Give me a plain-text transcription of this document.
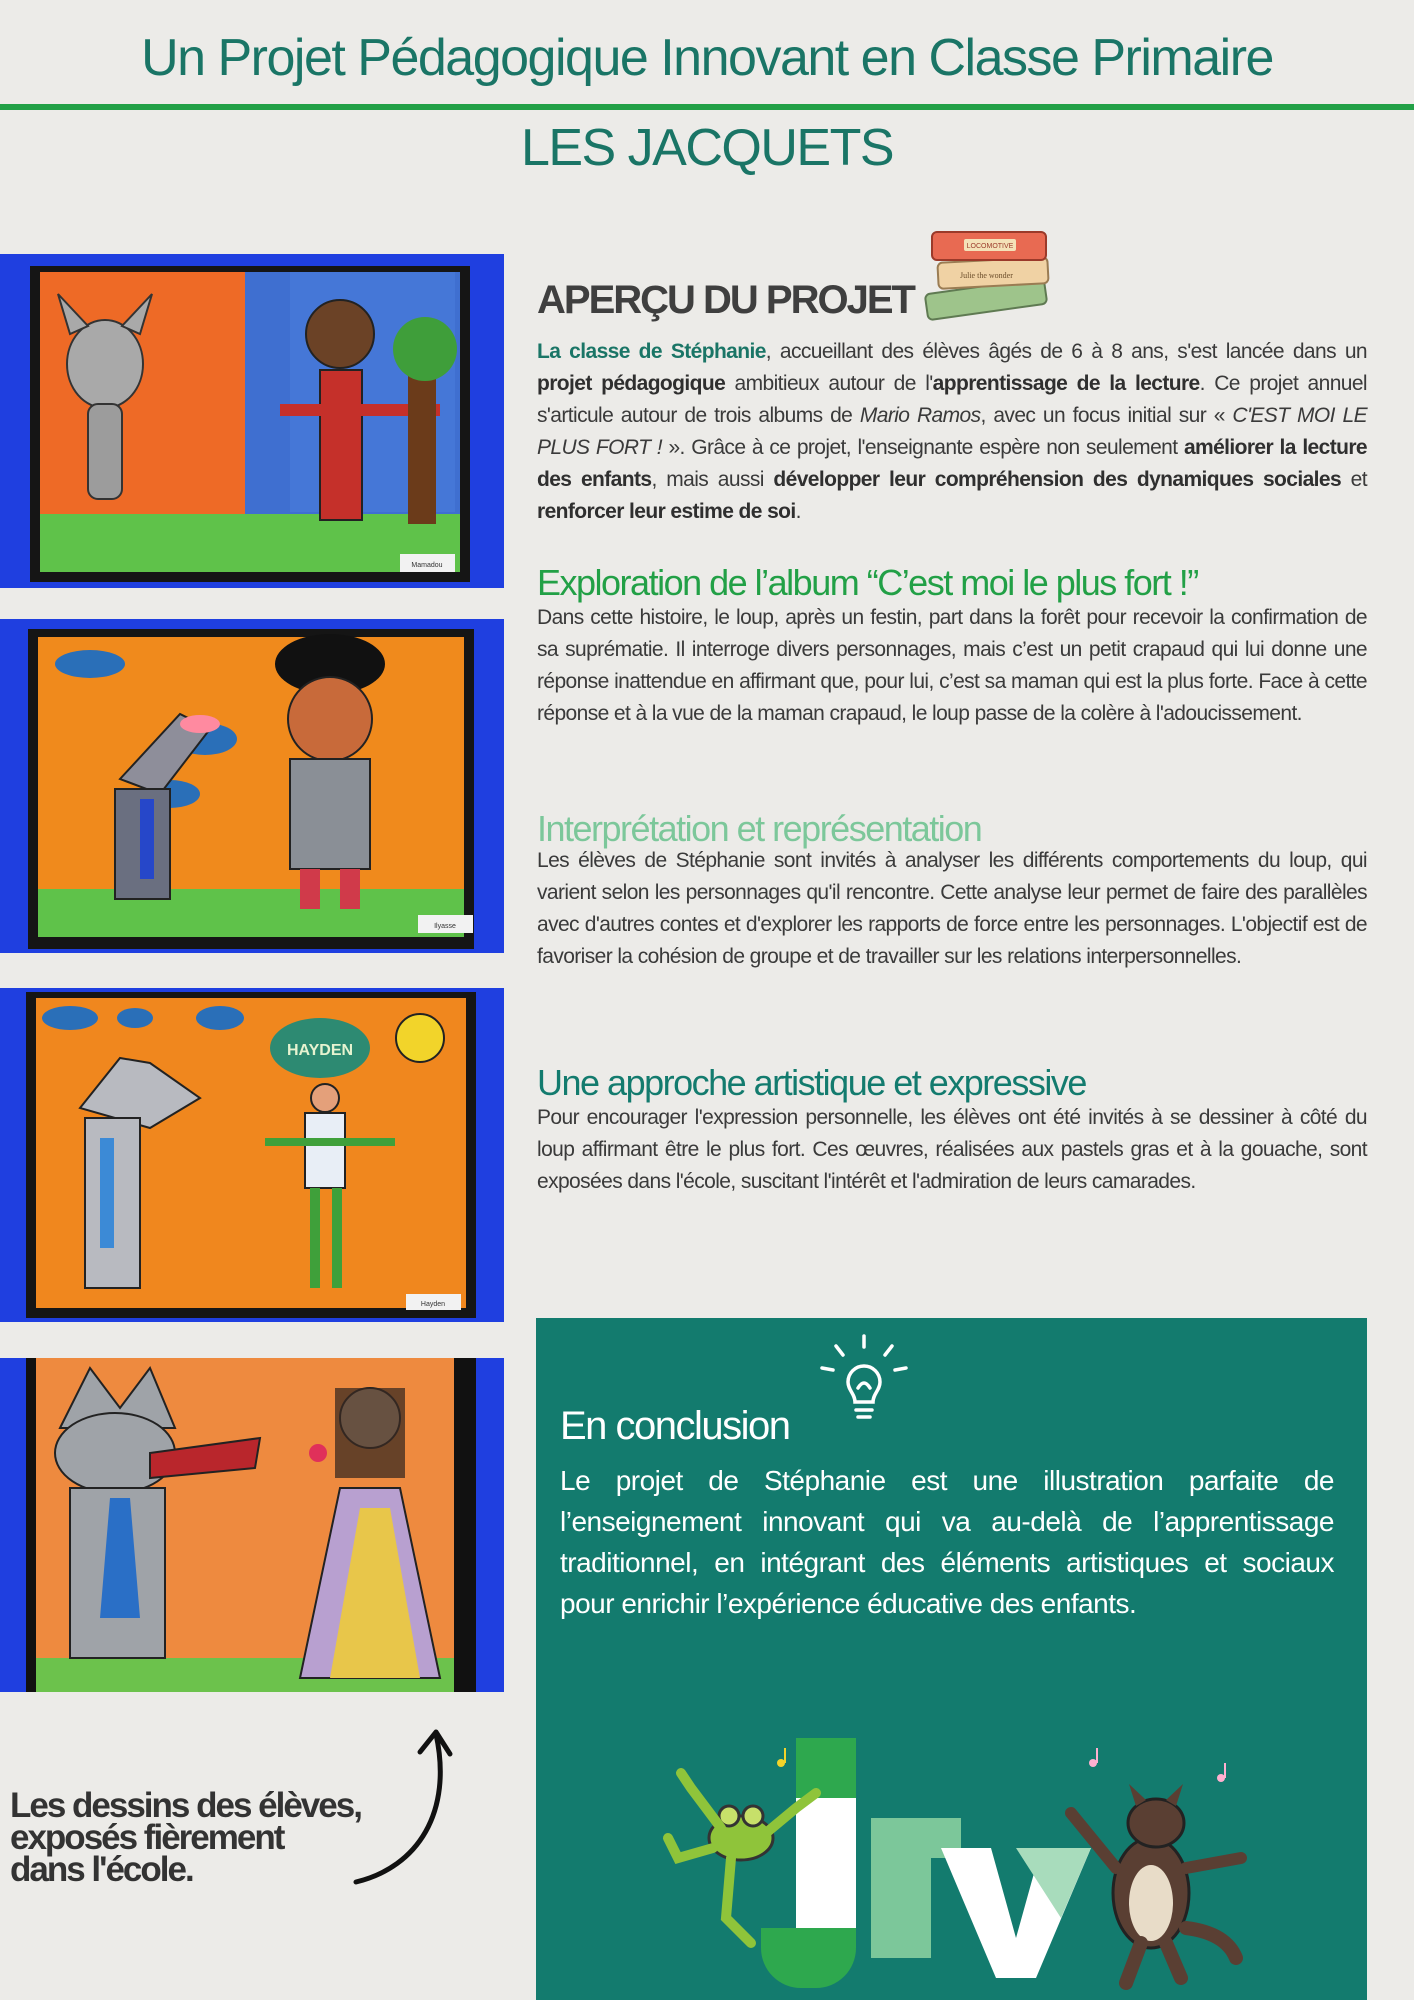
Un Projet Pédagogique Innovant en Classe Primaire
LES JACQUETS
Mamadou
Ilyasse
HAYDEN
Hayden
APERÇU DU PROJET
Julie the wonder
LOCOMOTIVE

La classe de Stéphanie, accueillant des élèves âgés de 6 à 8 ans, s'est lancée dans un projet pédagogique ambitieux autour de l'apprentissage de la lecture. Ce projet annuel s'articule autour de trois albums de Mario Ramos, avec un focus initial sur « C'EST MOI LE PLUS FORT ! ». Grâce à ce projet, l'enseignante espère non seulement améliorer la lecture des enfants, mais aussi développer leur compréhension des dynamiques sociales et renforcer leur estime de soi.

Exploration de l’album “C’est moi le plus fort !”

Dans cette histoire, le loup, après un festin, part dans la forêt pour recevoir la confirmation de sa suprématie. Il interroge divers personnages, mais c’est un petit crapaud qui lui donne une réponse inattendue en affirmant que, pour lui, c’est sa maman qui est la plus forte. Face à cette réponse et à la vue de la maman crapaud, le loup passe de la colère à l'adoucissement.

Interprétation et représentation

Les élèves de Stéphanie sont invités à analyser les différents comportements du loup, qui varient selon les personnages qu'il rencontre. Cette analyse leur permet de faire des parallèles avec d'autres contes et d'explorer les rapports de force entre les personnages. L'objectif est de favoriser la cohésion de groupe et de travailler sur les relations interpersonnelles.

Une approche artistique et expressive

Pour encourager l'expression personnelle, les élèves ont été invités à se dessiner à côté du loup affirmant être le plus fort. Ces œuvres, réalisées aux pastels gras et à la gouache, sont exposées dans l'école, suscitant l'intérêt et l'admiration de leurs camarades.

En conclusion

Le projet de Stéphanie est une illustration parfaite de l’enseignement innovant qui va au-delà de l’apprentissage traditionnel, en intégrant des éléments artistiques et sociaux pour enrichir l’expérience éducative des enfants.

Les dessins des élèves,
exposés fièrement
dans l'école.
